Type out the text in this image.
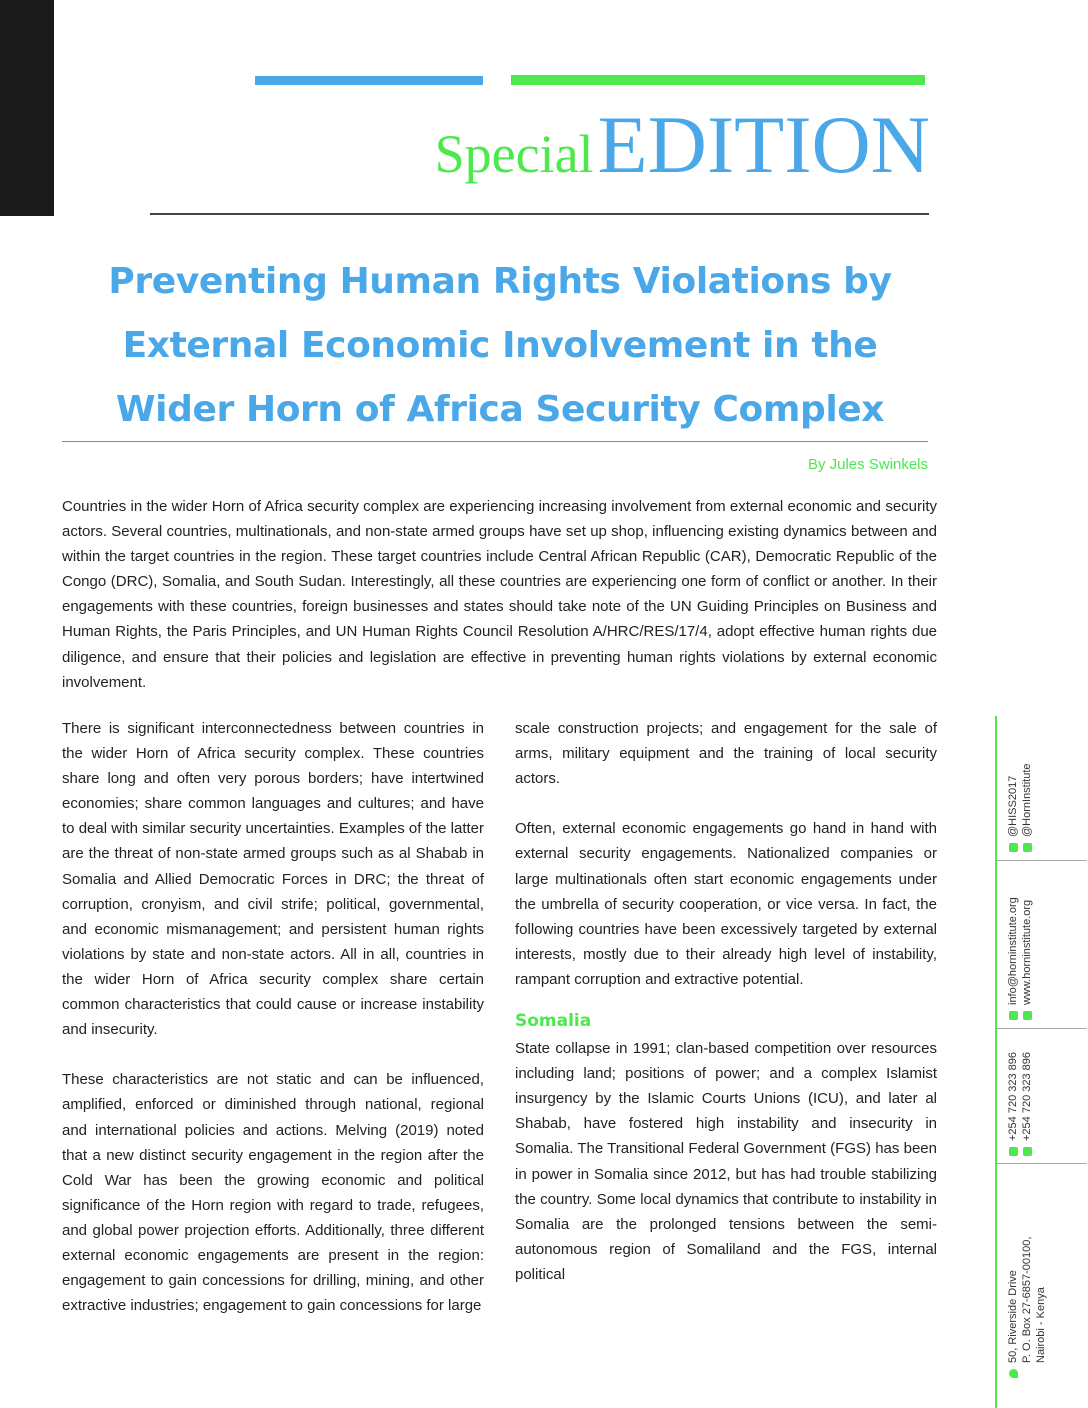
SpecialEDITION
Preventing Human Rights Violations by
External Economic Involvement in the
Wider Horn of Africa Security Complex
By Jules Swinkels

Countries in the wider Horn of Africa security complex are experiencing increasing involvement from external economic and security actors. Several countries, multinationals, and non-state armed groups have set up shop, influencing existing dynamics between and within the target countries in the region. These target countries include Central African Republic (CAR), Democratic Republic of the Congo (DRC), Somalia, and South Sudan. Interestingly, all these countries are experiencing one form of conflict or another. In their engagements with these countries, foreign businesses and states should take note of the UN Guiding Principles on Business and Human Rights, the Paris Principles, and UN Human Rights Council Resolution A/HRC/RES/17/4, adopt effective human rights due diligence, and ensure that their policies and legislation are effective in preventing human rights violations by external economic involvement.

There is significant interconnectedness between countries in the wider Horn of Africa security complex. These countries share long and often very porous borders; have intertwined economies; share common languages and cultures; and have to deal with similar security uncertainties. Examples of the latter are the threat of non-state armed groups such as al Shabab in Somalia and Allied Democratic Forces in DRC; the threat of corruption, cronyism, and civil strife; political, governmental, and economic mismanagement; and persistent human rights violations by state and non-state actors. All in all, countries in the wider Horn of Africa security complex share certain common characteristics that could cause or increase instability and insecurity.

These characteristics are not static and can be influenced, amplified, enforced or diminished through national, regional and international policies and actions. Melving (2019) noted that a new distinct security engagement in the region after the Cold War has been the growing economic and political significance of the Horn region with regard to trade, refugees, and global power projection efforts. Additionally, three different external economic engagements are present in the region: engagement to gain concessions for drilling, mining, and other extractive industries; engagement to gain concessions for large

scale construction projects; and engagement for the sale of arms, military equipment and the training of local security actors.

Often, external economic engagements go hand in hand with external security engagements. Nationalized companies or large multinationals often start economic engagements under the umbrella of security cooperation, or vice versa. In fact, the following countries have been excessively targeted by external interests, mostly due to their already high level of instability, rampant corruption and extractive potential.

Somalia

State collapse in 1991; clan-based competition over resources including land; positions of power; and a complex Islamist insurgency by the Islamic Courts Unions (ICU), and later al Shabab, have fostered high instability and insecurity in Somalia. The Transitional Federal Government (FGS) has been in power in Somalia since 2012, but has had trouble stabilizing the country. Some local dynamics that contribute to instability in Somalia are the prolonged tensions between the semi-autonomous region of Somaliland and the FGS, internal political

@HISS2017 @HornInstitute
info@horninstitute.org www.horninstitute.org
+254 720 323 896 +254 720 323 896
50, Riverside Drive P. O. Box 27-6857-00100, Nairobi - Kenya
